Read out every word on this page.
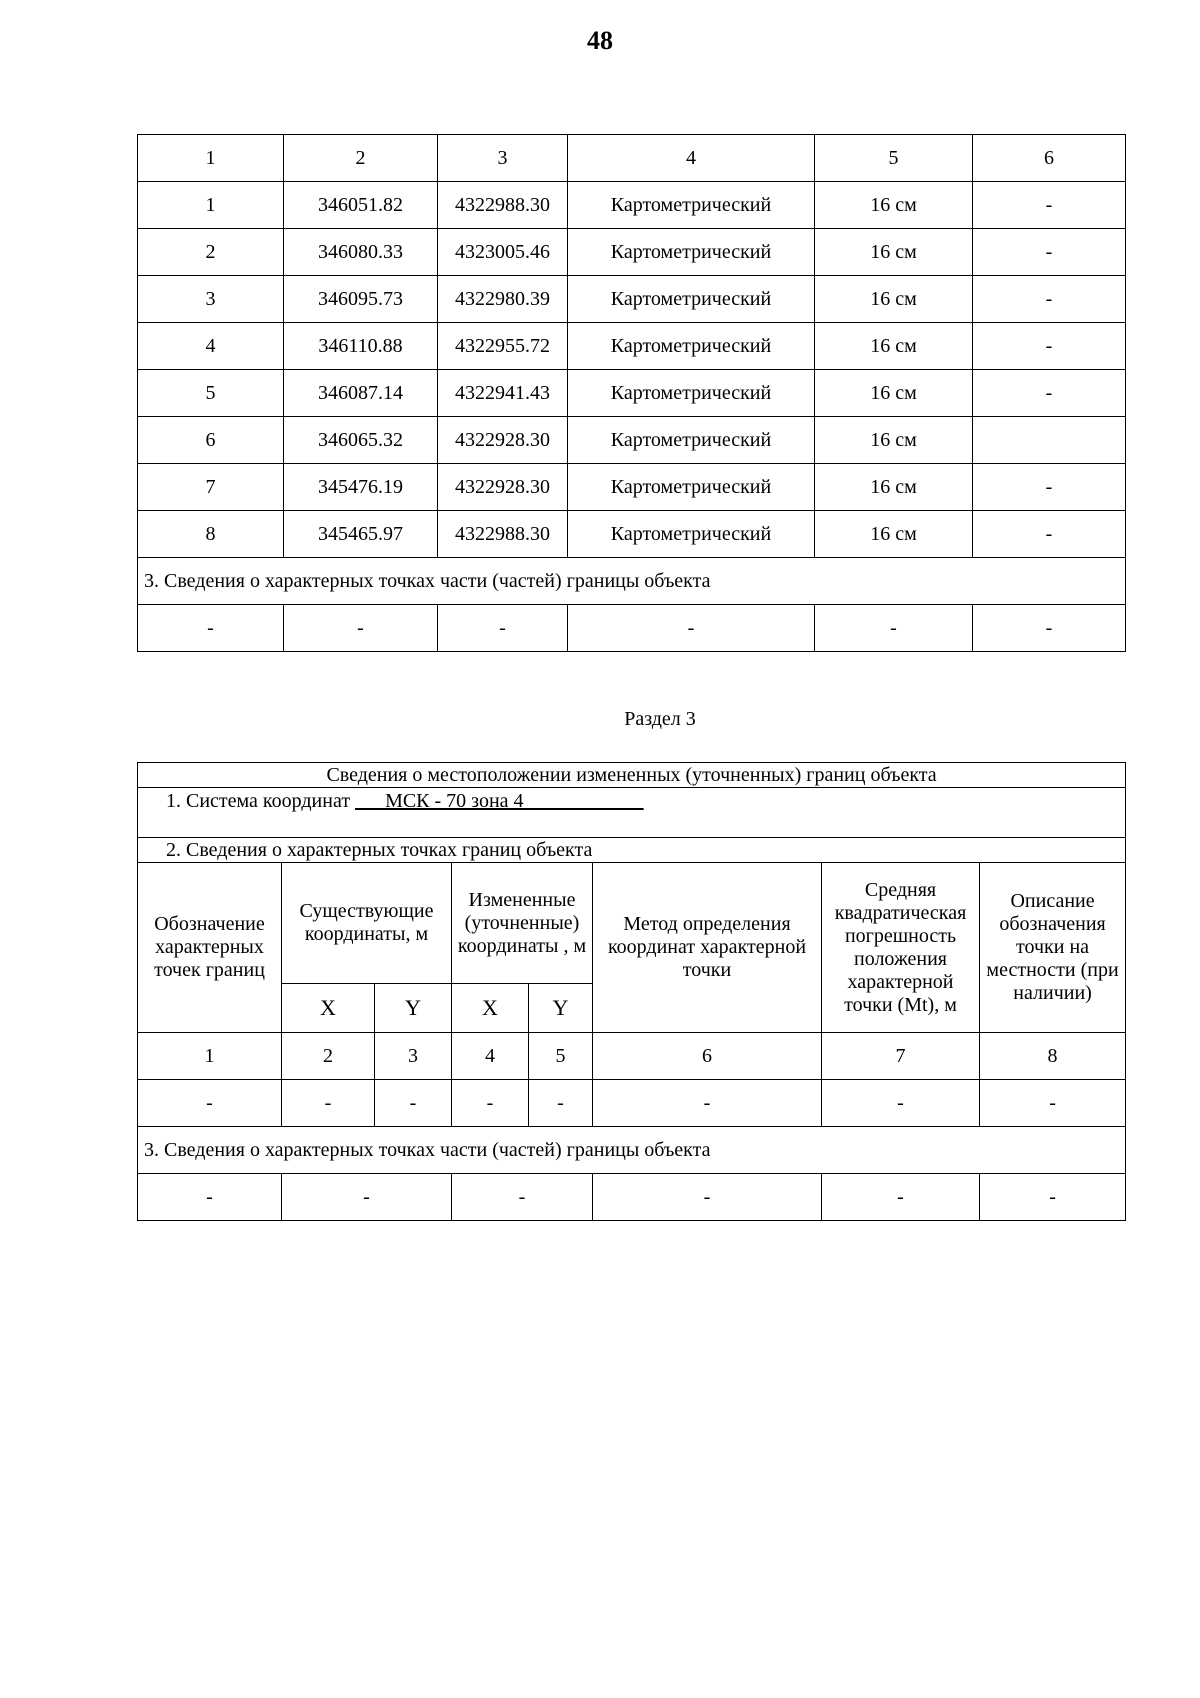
48
1	2	3	4	5	6
1	346051.82	4322988.30	Картометрический	16 см	-
2	346080.33	4323005.46	Картометрический	16 см	-
3	346095.73	4322980.39	Картометрический	16 см	-
4	346110.88	4322955.72	Картометрический	16 см	-
5	346087.14	4322941.43	Картометрический	16 см	-
6	346065.32	4322928.30	Картометрический	16 см	
7	345476.19	4322928.30	Картометрический	16 см	-
8	345465.97	4322988.30	Картометрический	16 см	-
3. Сведения о характерных точках части (частей) границы объекта					
-	-	-	-	-	-
Раздел 3
Сведения о местоположении измененных (уточненных) границ объекта							
1. Система координат ___МСК - 70 зона 4____________							
2. Сведения о характерных точках границ объекта							
Обозначение характерных точек границ	Существующие координаты, м		Измененные (уточненные) координаты , м		Метод определения координат характерной точки	Средняя квадратическая погрешность положения характерной точки (Mt), м	Описание обозначения точки на местности (при наличии)
	X	Y	X	Y			
1	2	3	4	5	6	7	8
-	-	-	-	-	-	-	-
3. Сведения о характерных точках части (частей) границы объекта							
-	-		-		-	-	-
